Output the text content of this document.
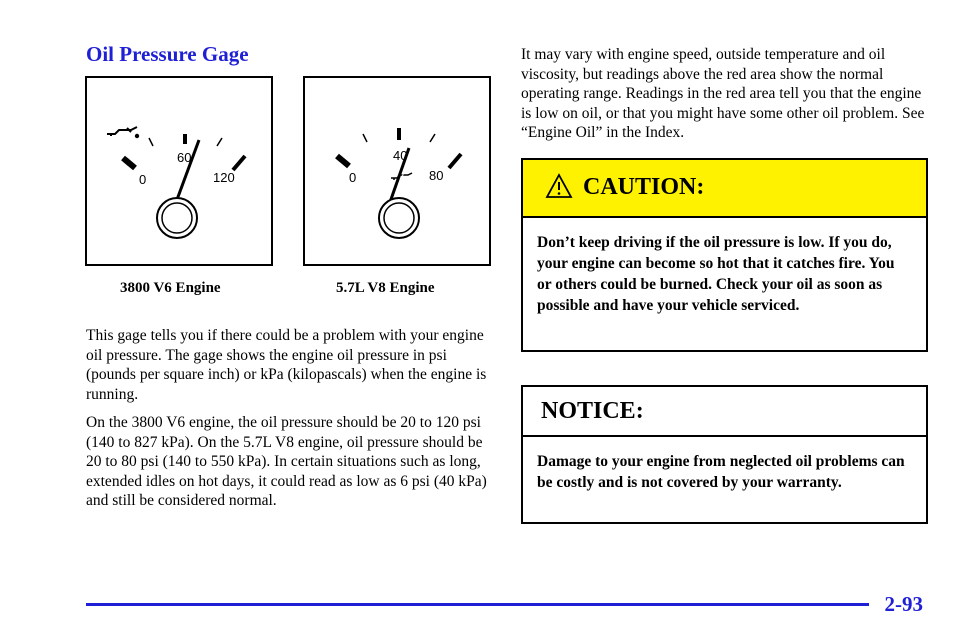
Oil Pressure Gage
0
60
120	0
40
80
3800 V6 Engine	5.7L V8 Engine

This gage tells you if there could be a problem with your engine oil pressure. The gage shows the engine oil pressure in psi (pounds per square inch) or kPa (kilopascals) when the engine is running.

On the 3800 V6 engine, the oil pressure should be 20 to 120 psi (140 to 827 kPa). On the 5.7L V8 engine, oil pressure should be 20 to 80 psi (140 to 550 kPa). In certain situations such as long, extended idles on hot days, it could read as low as 6 psi (40 kPa) and still be considered normal.

It may vary with engine speed, outside temperature and oil viscosity, but readings above the red area show the normal operating range. Readings in the red area tell you that the engine is low on oil, or that you might have some other oil problem. See “Engine Oil” in the Index.

CAUTION:
Don’t keep driving if the oil pressure is low. If you do, your engine can become so hot that it catches fire. You or others could be burned. Check your oil as soon as possible and have your vehicle serviced.
NOTICE:
Damage to your engine from neglected oil problems can be costly and is not covered by your warranty.
2-93
